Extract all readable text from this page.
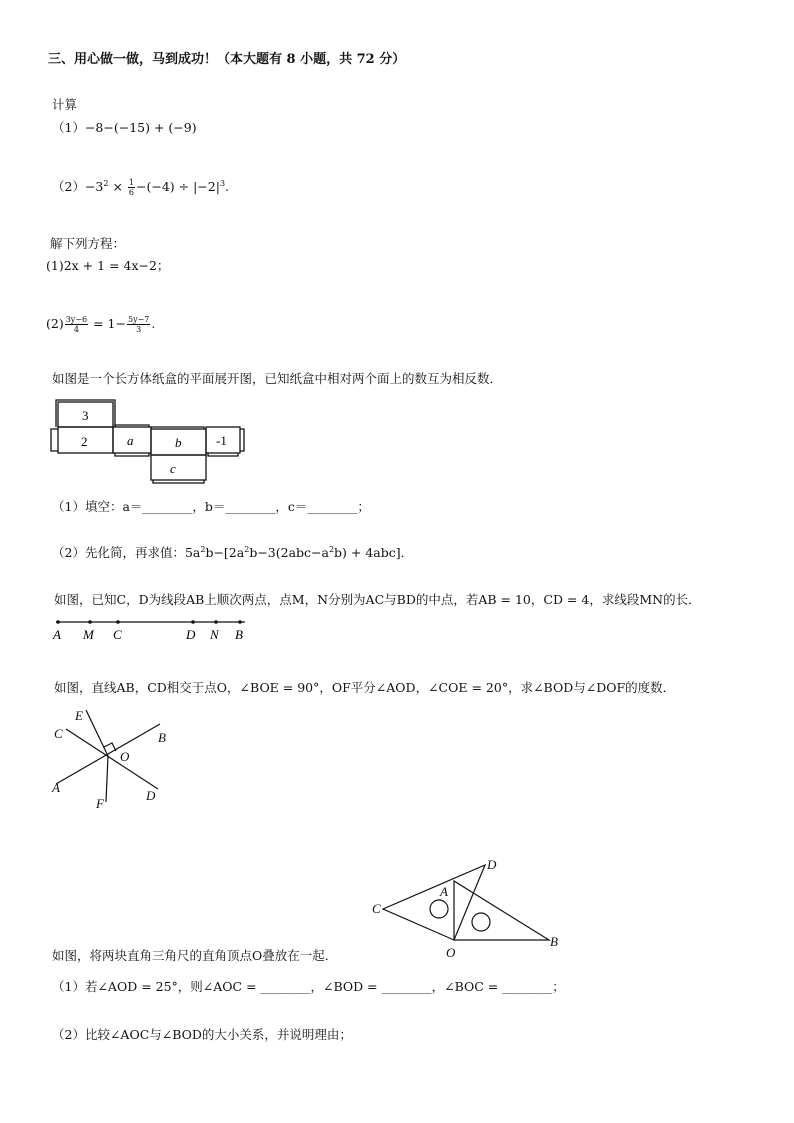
三、用心做一做，马到成功！（本大题有 8 小题，共 72 分）
计算
（1）−8−(−15) + (−9)
$(2)-3^2 \times \frac{1}{6} -(-4) \div |-2|^3$.
解下列方程：
(1)2x + 1 = 4x−2；
$(2) \frac{3y-6}{4} = 1- \frac{5y-7}{3}$ .
如图是一个长方体纸盒的平面展开图，已知纸盒中相对两个面上的数互为相反数．
3
2	a	b
c
-1
（1）填空：a＝________，b＝________，c＝________；
（2）先化简，再求值：$5a^2b-[2a^2b-3(2abc-a^2b) + 4abc]$．
如图，已知C，D为线段AB上顺次两点，点M，N分别为AC与BD的中点，若AB = 10，CD = 4，求线段MN的长．
A M C	D N B
如图，直线AB，CD相交于点O，∠BOE = 90°，OF平分∠AOD，∠COE = 20°，求∠BOD与∠DOF的度数．
E
C	B
O
A
F
D
D
A
C
O
B
如图，将两块直角三角尺的直角顶点O叠放在一起．
（1）若∠AOD = 25°，则∠AOC = ________，∠BOD = ________，∠BOC = ________；
（2）比较∠AOC与∠BOD的大小关系，并说明理由；
